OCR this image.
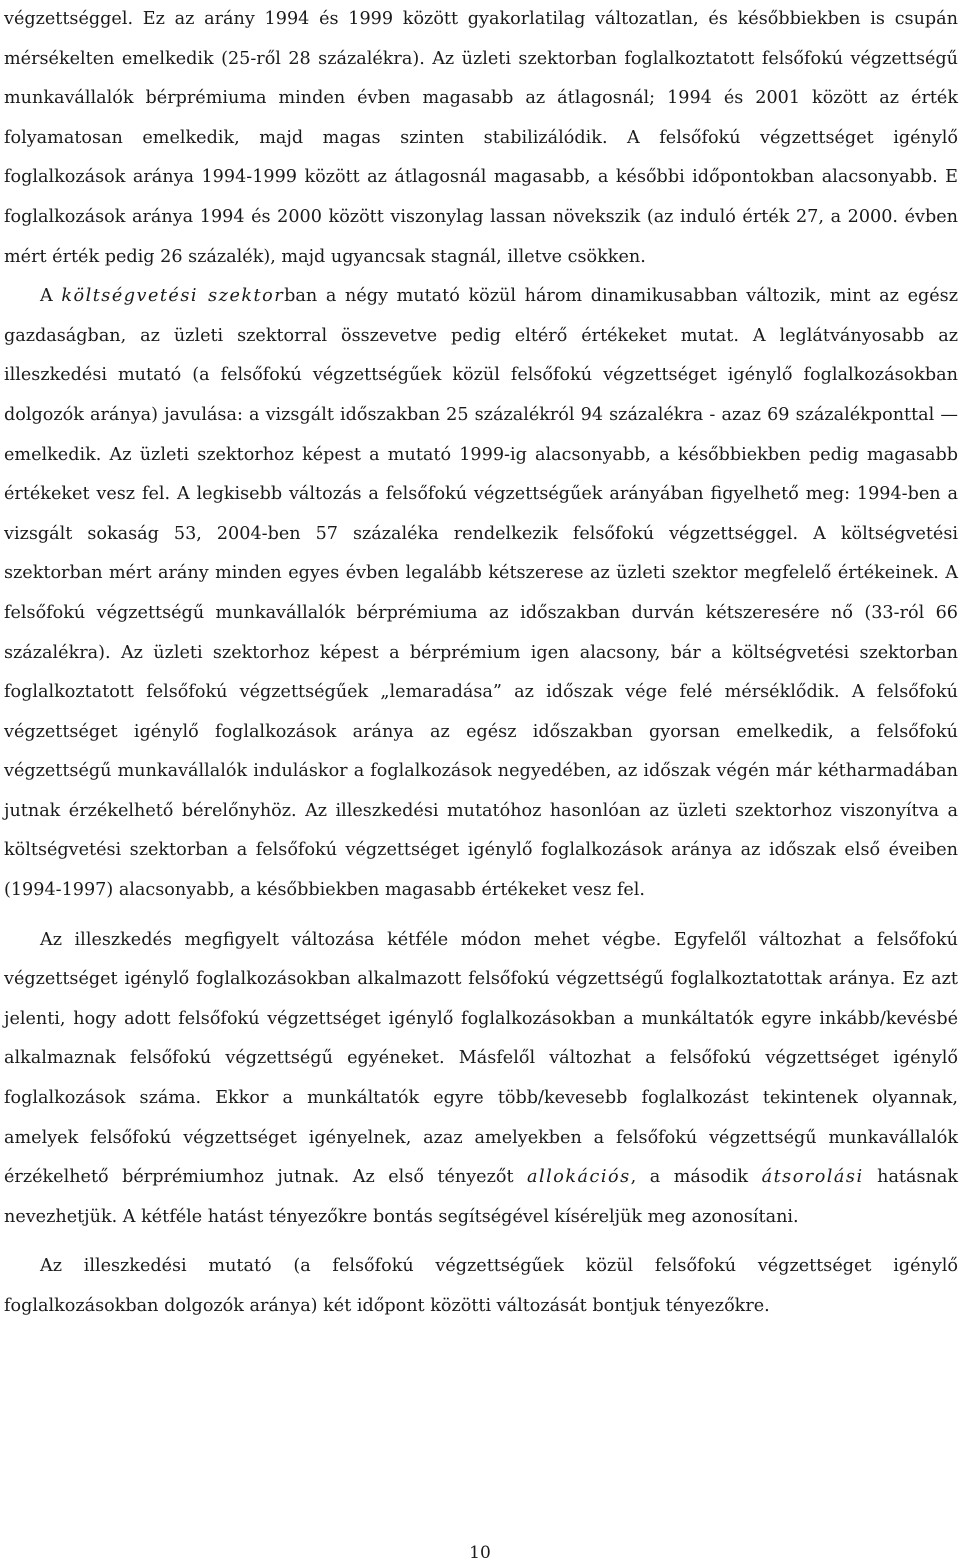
végzettséggel. Ez az arány 1994 és 1999 között gyakorlatilag változatlan, és későbbiekben is csupán mérsékelten emelkedik (25-ről 28 százalékra). Az üzleti szektorban foglalkoztatott felsőfokú végzettségű munkavállalók bérprémiuma minden évben magasabb az átlagosnál; 1994 és 2001 között az érték folyamatosan emelkedik, majd magas szinten stabilizálódik. A felsőfokú végzettséget igénylő foglalkozások aránya 1994-1999 között az átlagosnál magasabb, a későbbi időpontokban alacsonyabb. E foglalkozások aránya 1994 és 2000 között viszonylag lassan növekszik (az induló érték 27, a 2000. évben mért érték pedig 26 százalék), majd ugyancsak stagnál, illetve csökken.

A költségvetési szektorban a négy mutató közül három dinamikusabban változik, mint az egész gazdaságban, az üzleti szektorral összevetve pedig eltérő értékeket mutat. A leglátványosabb az illeszkedési mutató (a felsőfokú végzettségűek közül felsőfokú végzettséget igénylő foglalkozásokban dolgozók aránya) javulása: a vizsgált időszakban 25 százalékról 94 százalékra - azaz 69 százalékponttal — emelkedik. Az üzleti szektorhoz képest a mutató 1999-ig alacsonyabb, a későbbiekben pedig magasabb értékeket vesz fel. A legkisebb változás a felsőfokú végzettségűek arányában figyelhető meg: 1994-ben a vizsgált sokaság 53, 2004-ben 57 százaléka rendelkezik felsőfokú végzettséggel. A költségvetési szektorban mért arány minden egyes évben legalább kétszerese az üzleti szektor megfelelő értékeinek. A felsőfokú végzettségű munkavállalók bérprémiuma az időszakban durván kétszeresére nő (33-ról 66 százalékra). Az üzleti szektorhoz képest a bérprémium igen alacsony, bár a költségvetési szektorban foglalkoztatott felsőfokú végzettségűek „lemaradása” az időszak vége felé mérséklődik. A felsőfokú végzettséget igénylő foglalkozások aránya az egész időszakban gyorsan emelkedik, a felsőfokú végzettségű munkavállalók induláskor a foglalkozások negyedében, az időszak végén már kétharmadában jutnak érzékelhető bérelőnyhöz. Az illeszkedési mutatóhoz hasonlóan az üzleti szektorhoz viszonyítva a költségvetési szektorban a felsőfokú végzettséget igénylő foglalkozások aránya az időszak első éveiben (1994-1997) alacsonyabb, a későbbiekben magasabb értékeket vesz fel.

Az illeszkedés megfigyelt változása kétféle módon mehet végbe. Egyfelől változhat a felsőfokú végzettséget igénylő foglalkozásokban alkalmazott felsőfokú végzettségű foglalkoztatottak aránya. Ez azt jelenti, hogy adott felsőfokú végzettséget igénylő foglalkozásokban a munkáltatók egyre inkább/kevésbé alkalmaznak felsőfokú végzettségű egyéneket. Másfelől változhat a felsőfokú végzettséget igénylő foglalkozások száma. Ekkor a munkáltatók egyre több/kevesebb foglalkozást tekintenek olyannak, amelyek felsőfokú végzettséget igényelnek, azaz amelyekben a felsőfokú végzettségű munkavállalók érzékelhető bérprémiumhoz jutnak. Az első tényezőt allokációs, a második átsorolási hatásnak nevezhetjük. A kétféle hatást tényezőkre bontás segítségével kíséreljük meg azonosítani.

Az illeszkedési mutató (a felsőfokú végzettségűek közül felsőfokú végzettséget igénylő foglalkozásokban dolgozók aránya) két időpont közötti változását bontjuk tényezőkre.

10
